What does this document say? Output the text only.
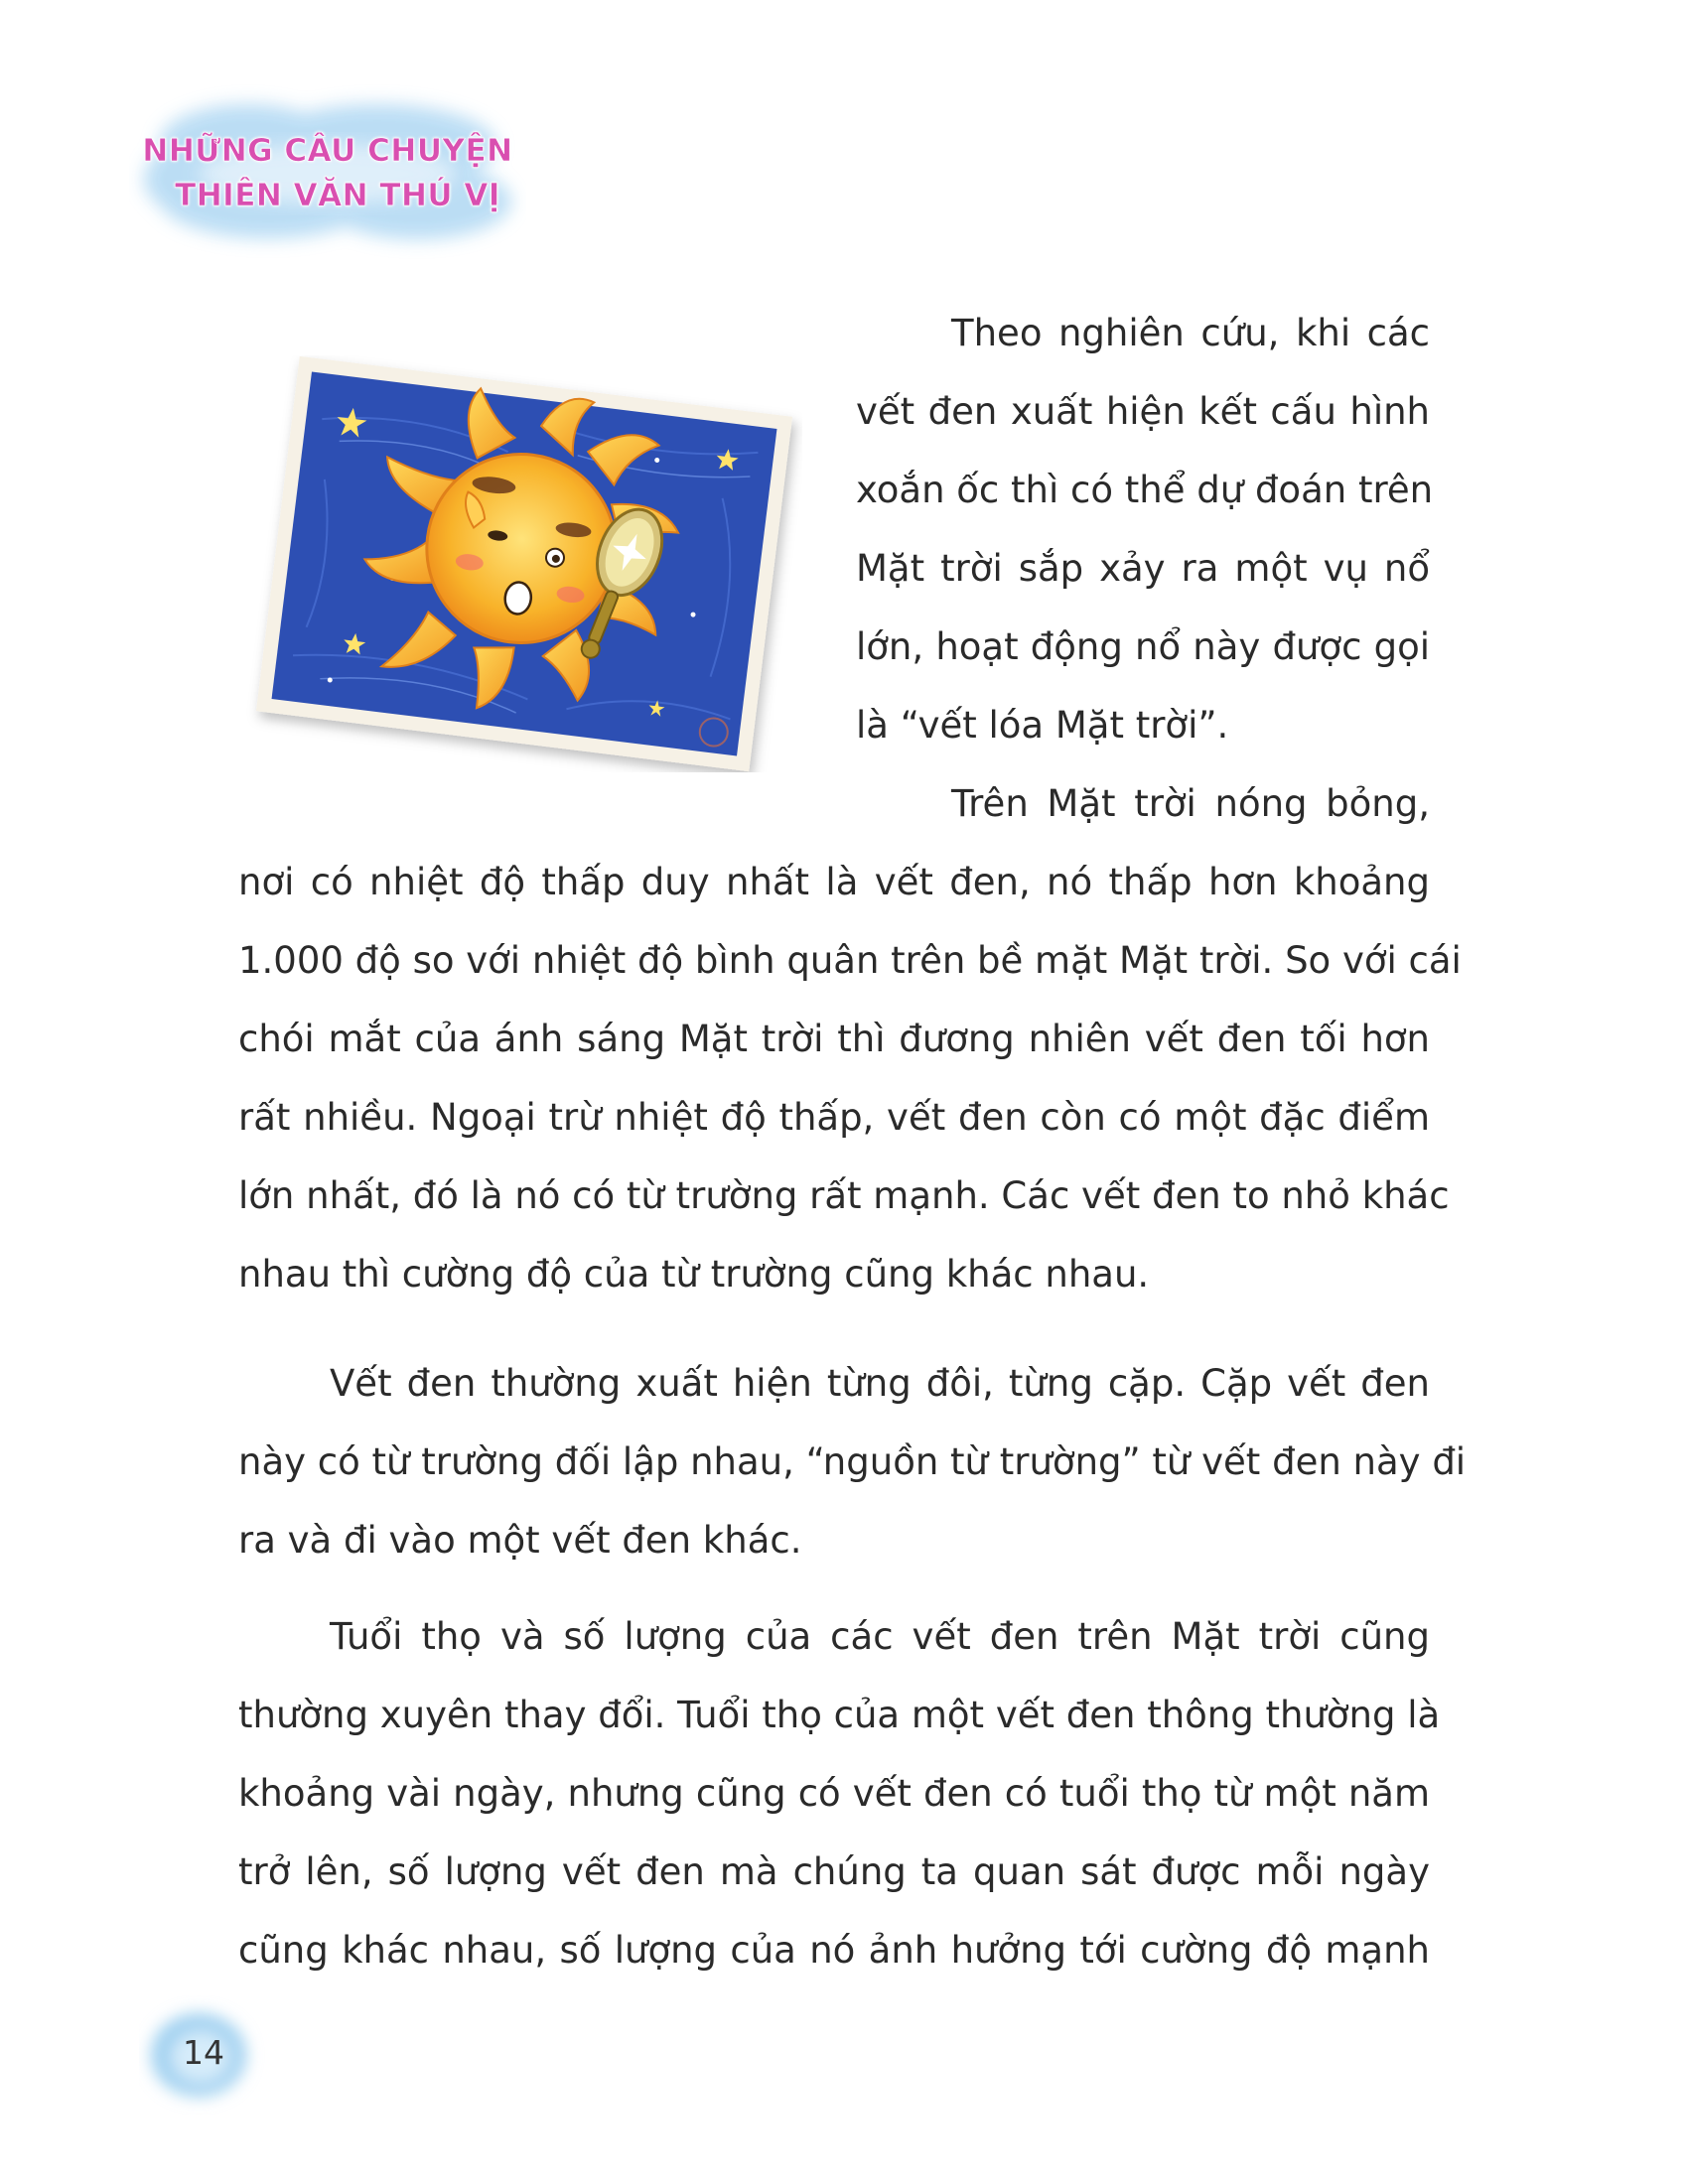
NHỮNG CÂU CHUYỆN
THIÊN VĂN THÚ VỊ
Theo nghiên cứu, khi các
vết đen xuất hiện kết cấu hình
xoắn ốc thì có thể dự đoán trên
Mặt trời sắp xảy ra một vụ nổ
lớn, hoạt động nổ này được gọi
là “vết lóa Mặt trời”.
Trên Mặt trời nóng bỏng,
nơi có nhiệt độ thấp duy nhất là vết đen, nó thấp hơn khoảng
1.000 độ so với nhiệt độ bình quân trên bề mặt Mặt trời. So với cái
chói mắt của ánh sáng Mặt trời thì đương nhiên vết đen tối hơn
rất nhiều. Ngoại trừ nhiệt độ thấp, vết đen còn có một đặc điểm
lớn nhất, đó là nó có từ trường rất mạnh. Các vết đen to nhỏ khác
nhau thì cường độ của từ trường cũng khác nhau.
Vết đen thường xuất hiện từng đôi, từng cặp. Cặp vết đen
này có từ trường đối lập nhau, “nguồn từ trường” từ vết đen này đi
ra và đi vào một vết đen khác.
Tuổi thọ và số lượng của các vết đen trên Mặt trời cũng
thường xuyên thay đổi. Tuổi thọ của một vết đen thông thường là
khoảng vài ngày, nhưng cũng có vết đen có tuổi thọ từ một năm
trở lên, số lượng vết đen mà chúng ta quan sát được mỗi ngày
cũng khác nhau, số lượng của nó ảnh hưởng tới cường độ mạnh
14
